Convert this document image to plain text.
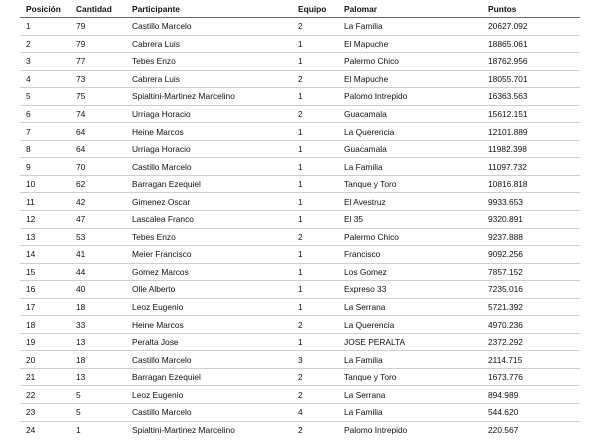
Posición	Cantidad	Participante	Equipo	Palomar	Puntos
1	79	Castillo Marcelo	2	La Familia	20627.092
2	79	Cabrera Luis	1	El Mapuche	18865.061
3	77	Tebes Enzo	1	Palermo Chico	18762.956
4	73	Cabrera Luis	2	El Mapuche	18055.701
5	75	Spialtini-Martinez Marcelino	1	Palomo Intrepido	16363.563
6	74	Urriaga Horacio	2	Guacamala	15612.151
7	64	Heine Marcos	1	La Querencia	12101.889
8	64	Urriaga Horacio	1	Guacamala	11982.398
9	70	Castillo Marcelo	1	La Familia	11097.732
10	62	Barragan Ezequiel	1	Tanque y Toro	10816.818
11	42	Gimenez Oscar	1	El Avestruz	9933.653
12	47	Lascalea Franco	1	El 35	9320.891
13	53	Tebes Enzo	2	Palermo Chico	9237.888
14	41	Meier Francisco	1	Francisco	9092.256
15	44	Gomez Marcos	1	Los Gomez	7857.152
16	40	Olle Alberto	1	Expreso 33	7235.016
17	18	Leoz Eugenio	1	La Serrana	5721.392
18	33	Heine Marcos	2	La Querencia	4970.236
19	13	Peralta Jose	1	JOSE PERALTA	2372.292
20	18	Castillo Marcelo	3	La Familia	2114.715
21	13	Barragan Ezequiel	2	Tanque y Toro	1673.776
22	5	Leoz Eugenio	2	La Serrana	894.989
23	5	Castillo Marcelo	4	La Familia	544.620
24	1	Spialtini-Martinez Marcelino	2	Palomo Intrepido	220.567
